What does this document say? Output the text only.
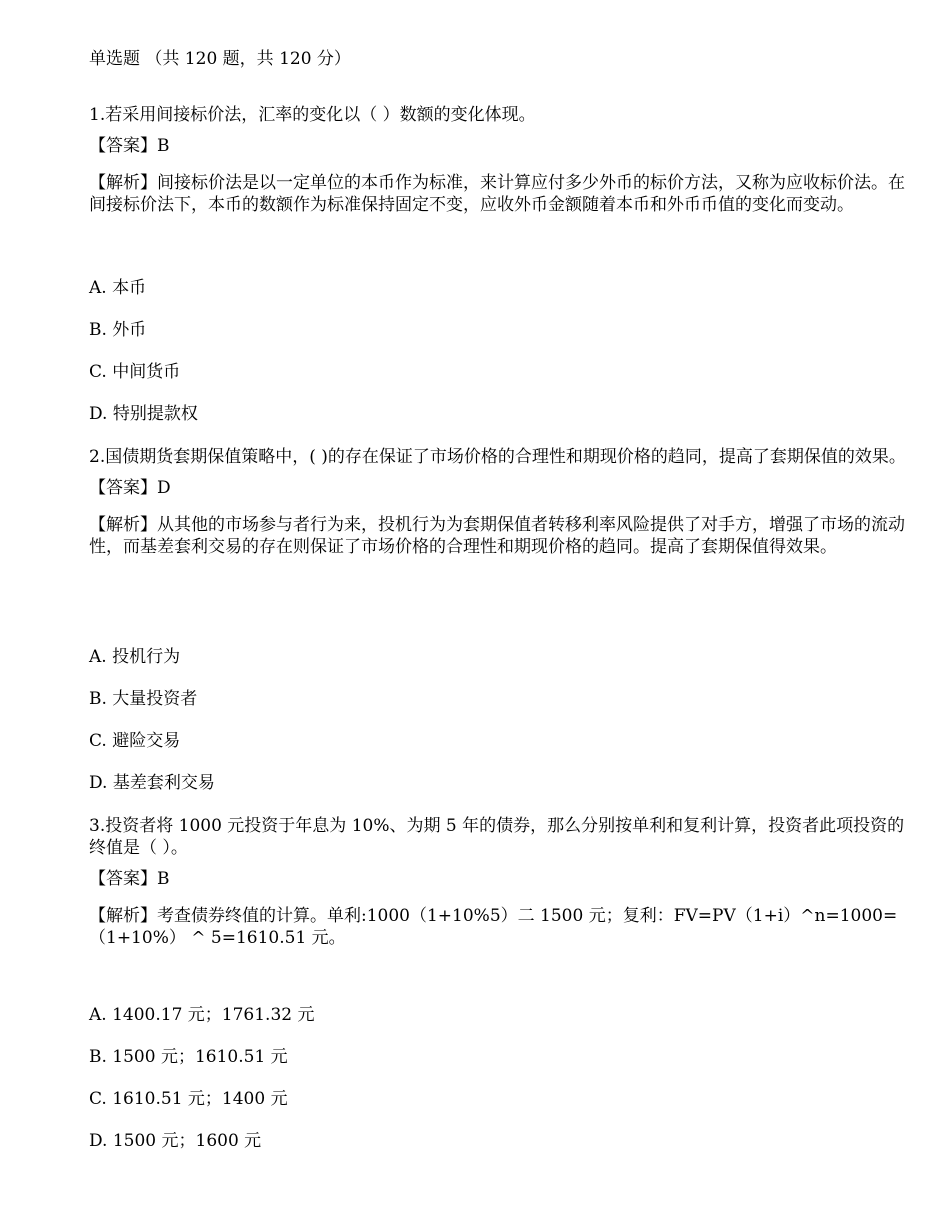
单选题 （共 120 题，共 120 分）

1.若采用间接标价法，汇率的变化以（ ）数额的变化体现。

【答案】B

【解析】间接标价法是以一定单位的本币作为标准，来计算应付多少外币的标价方法，又称为应收标价法。在间接标价法下，本币的数额作为标准保持固定不变，应收外币金额随着本币和外币币值的变化而变动。

A. 本币
B. 外币
C. 中间货币
D. 特别提款权

2.国债期货套期保值策略中，( )的存在保证了市场价格的合理性和期现价格的趋同，提高了套期保值的效果。

【答案】D

【解析】从其他的市场参与者行为来，投机行为为套期保值者转移利率风险提供了对手方，增强了市场的流动性，而基差套利交易的存在则保证了市场价格的合理性和期现价格的趋同。提高了套期保值得效果。

A. 投机行为
B. 大量投资者
C. 避险交易
D. 基差套利交易

3.投资者将 1000 元投资于年息为 10%、为期 5 年的债券，那么分别按单利和复利计算，投资者此项投资的终值是（ ）。

【答案】B

【解析】考查债券终值的计算。单利:1000（1+10%5）二 1500 元；复利：FV=PV（1+i）^n=1000=（1+10%） ^ 5=1610.51 元。

A. 1400.17 元；1761.32 元
B. 1500 元；1610.51 元
C. 1610.51 元；1400 元
D. 1500 元；1600 元
